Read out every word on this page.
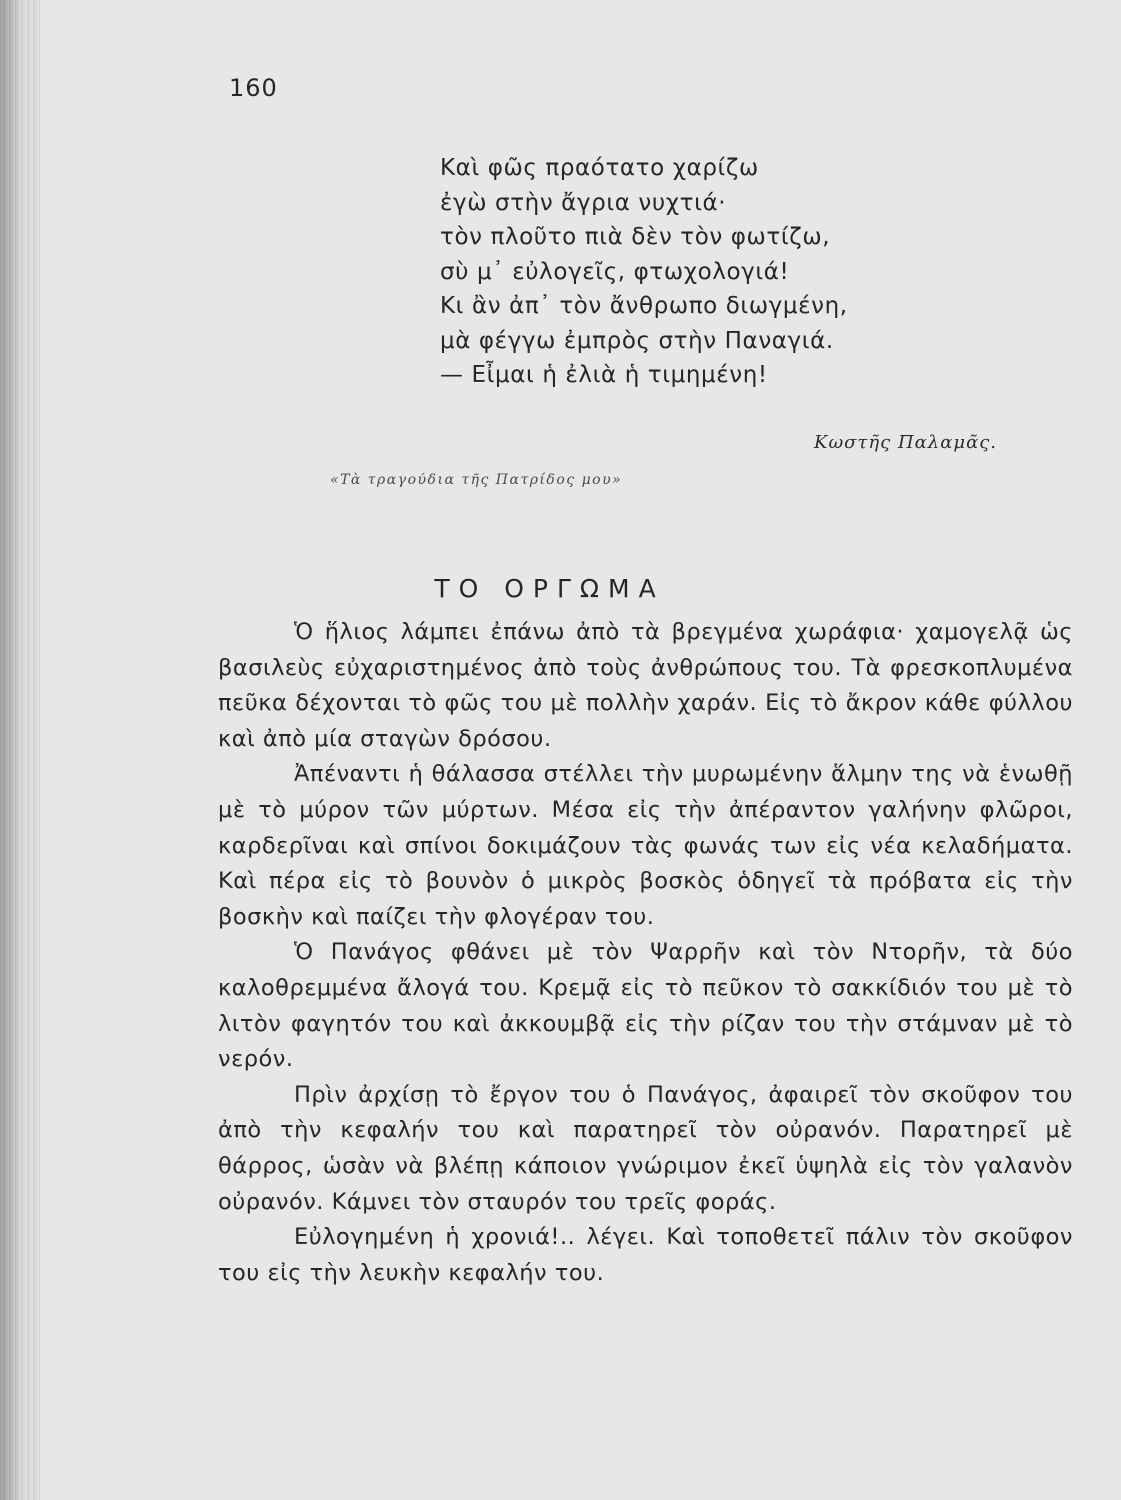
160
Καὶ φῶς πραότατο χαρίζω
ἐγὼ στὴν ἄγρια νυχτιά·
τὸν πλοῦτο πιὰ δὲν τὸν φωτίζω,
σὺ μ᾽ εὐλογεῖς, φτωχολογιά!
Κι ἂν ἀπ᾽ τὸν ἄνθρωπο διωγμένη,
μὰ φέγγω ἐμπρὸς στὴν Παναγιά.
— Εἶμαι ἡ ἐλιὰ ἡ τιμημένη!
Κωστῆς Παλαμᾶς.
«Τὰ τραγούδια τῆς Πατρίδος μου»
ΤΟ ΟΡΓΩΜΑ

Ὁ ἥλιος λάμπει ἐπάνω ἀπὸ τὰ βρεγμένα χωράφια· χαμογελᾷ ὡς βασιλεὺς εὐχαριστημένος ἀπὸ τοὺς ἀνθρώπους του. Τὰ φρεσκοπλυμένα πεῦκα δέχονται τὸ φῶς του μὲ πολλὴν χαράν. Εἰς τὸ ἄκρον κάθε φύλλου καὶ ἀπὸ μία σταγὼν δρόσου.

Ἀπέναντι ἡ θάλασσα στέλλει τὴν μυρωμένην ἅλμην της νὰ ἑνωθῇ μὲ τὸ μύρον τῶν μύρτων. Μέσα εἰς τὴν ἀπέραντον γαλήνην φλῶροι, καρδερῖναι καὶ σπίνοι δοκιμάζουν τὰς φωνάς των εἰς νέα κελαδήματα. Καὶ πέρα εἰς τὸ βουνὸν ὁ μικρὸς βοσκὸς ὁδηγεῖ τὰ πρόβατα εἰς τὴν βοσκὴν καὶ παίζει τὴν φλογέραν του.

Ὁ Πανάγος φθάνει μὲ τὸν Ψαρρῆν καὶ τὸν Ντορῆν, τὰ δύο καλοθρεμμένα ἄλογά του. Κρεμᾷ εἰς τὸ πεῦκον τὸ σακκίδιόν του μὲ τὸ λιτὸν φαγητόν του καὶ ἀκκουμβᾷ εἰς τὴν ρίζαν του τὴν στάμναν μὲ τὸ νερόν.

Πρὶν ἀρχίσῃ τὸ ἔργον του ὁ Πανάγος, ἀφαιρεῖ τὸν σκοῦφον του ἀπὸ τὴν κεφαλήν του καὶ παρατηρεῖ τὸν οὐρανόν. Παρατηρεῖ μὲ θάρρος, ὡσὰν νὰ βλέπῃ κάποιον γνώριμον ἐκεῖ ὑψηλὰ εἰς τὸν γαλανὸν οὐρανόν. Κάμνει τὸν σταυρόν του τρεῖς φοράς.

Εὐλογημένη ἡ χρονιά!.. λέγει. Καὶ τοποθετεῖ πάλιν τὸν σκοῦφον του εἰς τὴν λευκὴν κεφαλήν του.
